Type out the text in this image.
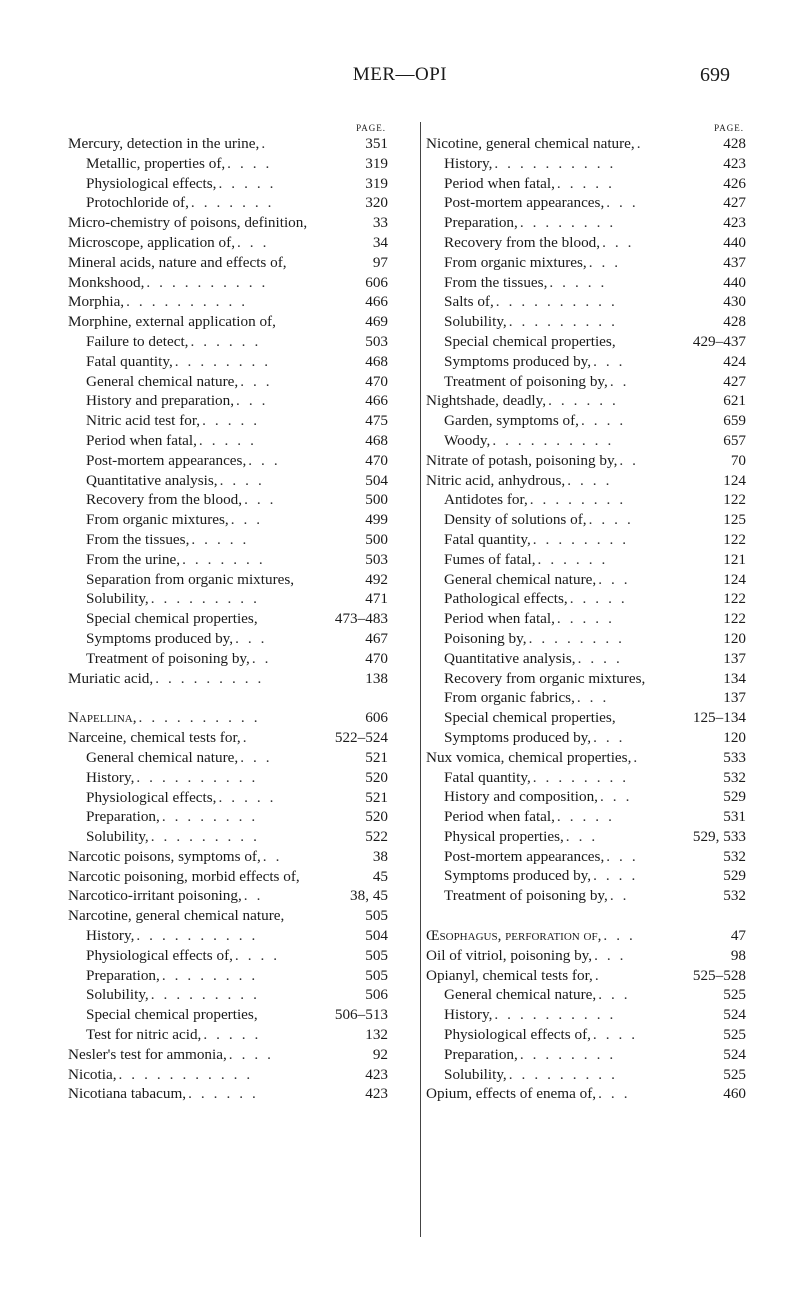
MER—OPI	699
PAGE.
Mercury, detection in the urine, .	351
Metallic, properties of, . . . .	319
Physiological effects, . . . . .	319
Protochloride of, . . . . . . .	320
Micro-chemistry of poisons, definition,	33
Microscope, application of, . . .	34
Mineral acids, nature and effects of,	97
Monkshood, . . . . . . . . . .	606
Morphia, . . . . . . . . . .	466
Morphine, external application of,	469
Failure to detect, . . . . . .	503
Fatal quantity, . . . . . . . .	468
General chemical nature, . . .	470
History and preparation, . . .	466
Nitric acid test for, . . . . .	475
Period when fatal, . . . . .	468
Post-mortem appearances, . . .	470
Quantitative analysis, . . . .	504
Recovery from the blood, . . .	500
From organic mixtures, . . .	499
From the tissues, . . . . .	500
From the urine, . . . . . . .	503
Separation from organic mixtures,	492
Solubility, . . . . . . . . .	471
Special chemical properties,	473–483
Symptoms produced by, . . .	467
Treatment of poisoning by, . .	470
Muriatic acid, . . . . . . . . .	138
Napellina, . . . . . . . . . .	606
Narceine, chemical tests for, .	522–524
General chemical nature, . . .	521
History, . . . . . . . . . .	520
Physiological effects, . . . . .	521
Preparation, . . . . . . . .	520
Solubility, . . . . . . . . .	522
Narcotic poisons, symptoms of, . .	38
Narcotic poisoning, morbid effects of,	45
Narcotico-irritant poisoning, . .	38, 45
Narcotine, general chemical nature,	505
History, . . . . . . . . . .	504
Physiological effects of, . . . .	505
Preparation, . . . . . . . .	505
Solubility, . . . . . . . . .	506
Special chemical properties,	506–513
Test for nitric acid, . . . . .	132
Nesler's test for ammonia, . . . .	92
Nicotia, . . . . . . . . . . .	423
Nicotiana tabacum, . . . . . .	423
PAGE.
Nicotine, general chemical nature, .	428
History, . . . . . . . . . .	423
Period when fatal, . . . . .	426
Post-mortem appearances, . . .	427
Preparation, . . . . . . . .	423
Recovery from the blood, . . .	440
From organic mixtures, . . .	437
From the tissues, . . . . .	440
Salts of, . . . . . . . . . .	430
Solubility, . . . . . . . . .	428
Special chemical properties,	429–437
Symptoms produced by, . . .	424
Treatment of poisoning by, . .	427
Nightshade, deadly, . . . . . .	621
Garden, symptoms of, . . . .	659
Woody, . . . . . . . . . .	657
Nitrate of potash, poisoning by, . .	70
Nitric acid, anhydrous, . . . .	124
Antidotes for, . . . . . . . .	122
Density of solutions of, . . . .	125
Fatal quantity, . . . . . . . .	122
Fumes of fatal, . . . . . .	121
General chemical nature, . . .	124
Pathological effects, . . . . .	122
Period when fatal, . . . . .	122
Poisoning by, . . . . . . . .	120
Quantitative analysis, . . . .	137
Recovery from organic mixtures,	134
From organic fabrics, . . .	137
Special chemical properties,	125–134
Symptoms produced by, . . .	120
Nux vomica, chemical properties, .	533
Fatal quantity, . . . . . . . .	532
History and composition, . . .	529
Period when fatal, . . . . .	531
Physical properties, . . .	529, 533
Post-mortem appearances, . . .	532
Symptoms produced by, . . . .	529
Treatment of poisoning by, . .	532
Œsophagus, perforation of, . . .	47
Oil of vitriol, poisoning by, . . .	98
Opianyl, chemical tests for, .	525–528
General chemical nature, . . .	525
History, . . . . . . . . . .	524
Physiological effects of, . . . .	525
Preparation, . . . . . . . .	524
Solubility, . . . . . . . . .	525
Opium, effects of enema of, . . .	460
